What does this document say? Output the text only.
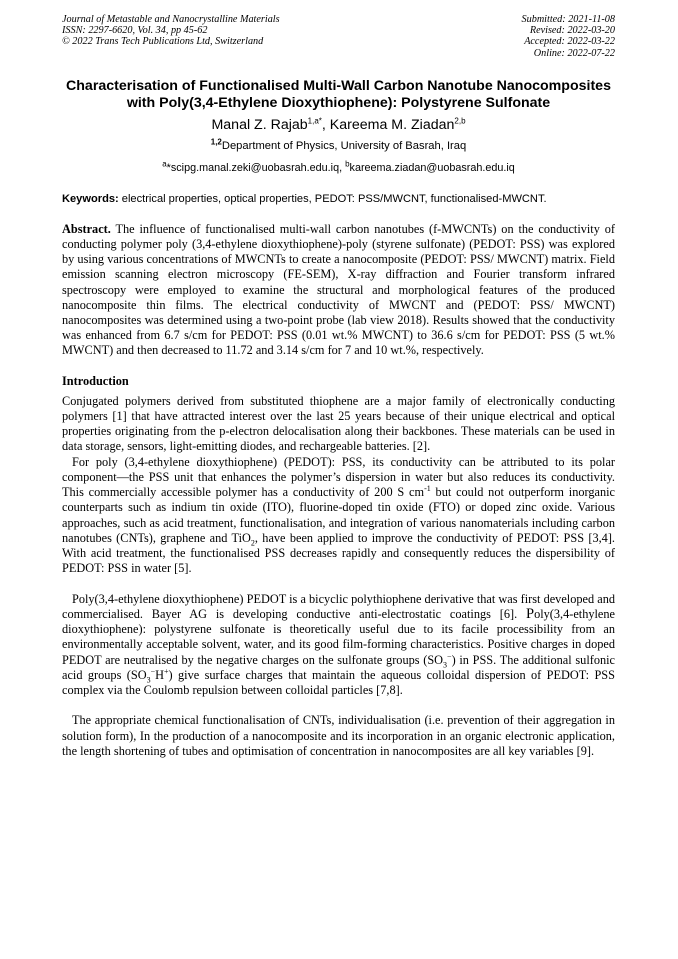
Journal of Metastable and Nanocrystalline Materials
ISSN: 2297-6620, Vol. 34, pp 45-62
© 2022 Trans Tech Publications Ltd, Switzerland
Submitted: 2021-11-08
Revised: 2022-03-20
Accepted: 2022-03-22
Online: 2022-07-22
Characterisation of Functionalised Multi-Wall Carbon Nanotube Nanocomposites with Poly(3,4-Ethylene Dioxythiophene): Polystyrene Sulfonate
Manal Z. Rajab$^{1,a*}$, Kareema M. Ziadan$^{2,b}$
$^{1,2}$Department of Physics, University of Basrah, Iraq
$^a$*scipg.manal.zeki@uobasrah.edu.iq, $^b$kareema.ziadan@uobasrah.edu.iq
Keywords: electrical properties, optical properties, PEDOT: PSS/MWCNT, functionalised-MWCNT.
Abstract. The influence of functionalised multi-wall carbon nanotubes (f-MWCNTs) on the conductivity of conducting polymer poly (3,4-ethylene dioxythiophene)-poly (styrene sulfonate) (PEDOT: PSS) was explored by using various concentrations of MWCNTs to create a nanocomposite (PEDOT: PSS/ MWCNT) matrix. Field emission scanning electron microscopy (FE-SEM), X-ray diffraction and Fourier transform infrared spectroscopy were employed to examine the structural and morphological features of the produced nanocomposite thin films. The electrical conductivity of MWCNT and (PEDOT: PSS/ MWCNT) nanocomposites was determined using a two-point probe (lab view 2018). Results showed that the conductivity was enhanced from 6.7 s/cm for PEDOT: PSS (0.01 wt.% MWCNT) to 36.6 s/cm for PEDOT: PSS (5 wt.% MWCNT) and then decreased to 11.72 and 3.14 s/cm for 7 and 10 wt.%, respectively.
Introduction

Conjugated polymers derived from substituted thiophene are a major family of electronically conducting polymers [1] that have attracted interest over the last 25 years because of their unique electrical and optical properties originating from the p-electron delocalisation along their backbones. These materials can be used in data storage, sensors, light-emitting diodes, and rechargeable batteries. [2].

For poly (3,4-ethylene dioxythiophene) (PEDOT): PSS, its conductivity can be attributed to its polar component—the PSS unit that enhances the polymer’s dispersion in water but also reduces its conductivity. This commercially accessible polymer has a conductivity of 200 S $cm^{-1}$ but could not outperform inorganic counterparts such as indium tin oxide (ITO), fluorine-doped tin oxide (FTO) or doped zinc oxide. Various approaches, such as acid treatment, functionalisation, and integration of various nanomaterials including carbon nanotubes (CNTs), graphene and TiO$_2$, have been applied to improve the conductivity of PEDOT: PSS [3,4]. With acid treatment, the functionalised PSS decreases rapidly and consequently reduces the dispersibility of PEDOT: PSS in water [5].

Poly(3,4-ethylene dioxythiophene) PEDOT is a bicyclic polythiophene derivative that was first developed and commercialised. Bayer AG is developing conductive anti-electrostatic coatings [6]. Poly(3,4-ethylene dioxythiophene): polystyrene sulfonate is theoretically useful due to its facile processibility from an environmentally acceptable solvent, water, and its good film-forming characteristics. Positive charges in doped PEDOT are neutralised by the negative charges on the sulfonate groups $(SO_3^-)$ in PSS. The additional sulfonic acid groups $(SO_3^-H^+)$ give surface charges that maintain the aqueous colloidal dispersion of PEDOT: PSS complex via the Coulomb repulsion between colloidal particles [7,8].

The appropriate chemical functionalisation of CNTs, individualisation (i.e. prevention of their aggregation in solution form), In the production of a nanocomposite and its incorporation in an organic electronic application, the length shortening of tubes and optimisation of concentration in nanocomposites are all key variables [9].
